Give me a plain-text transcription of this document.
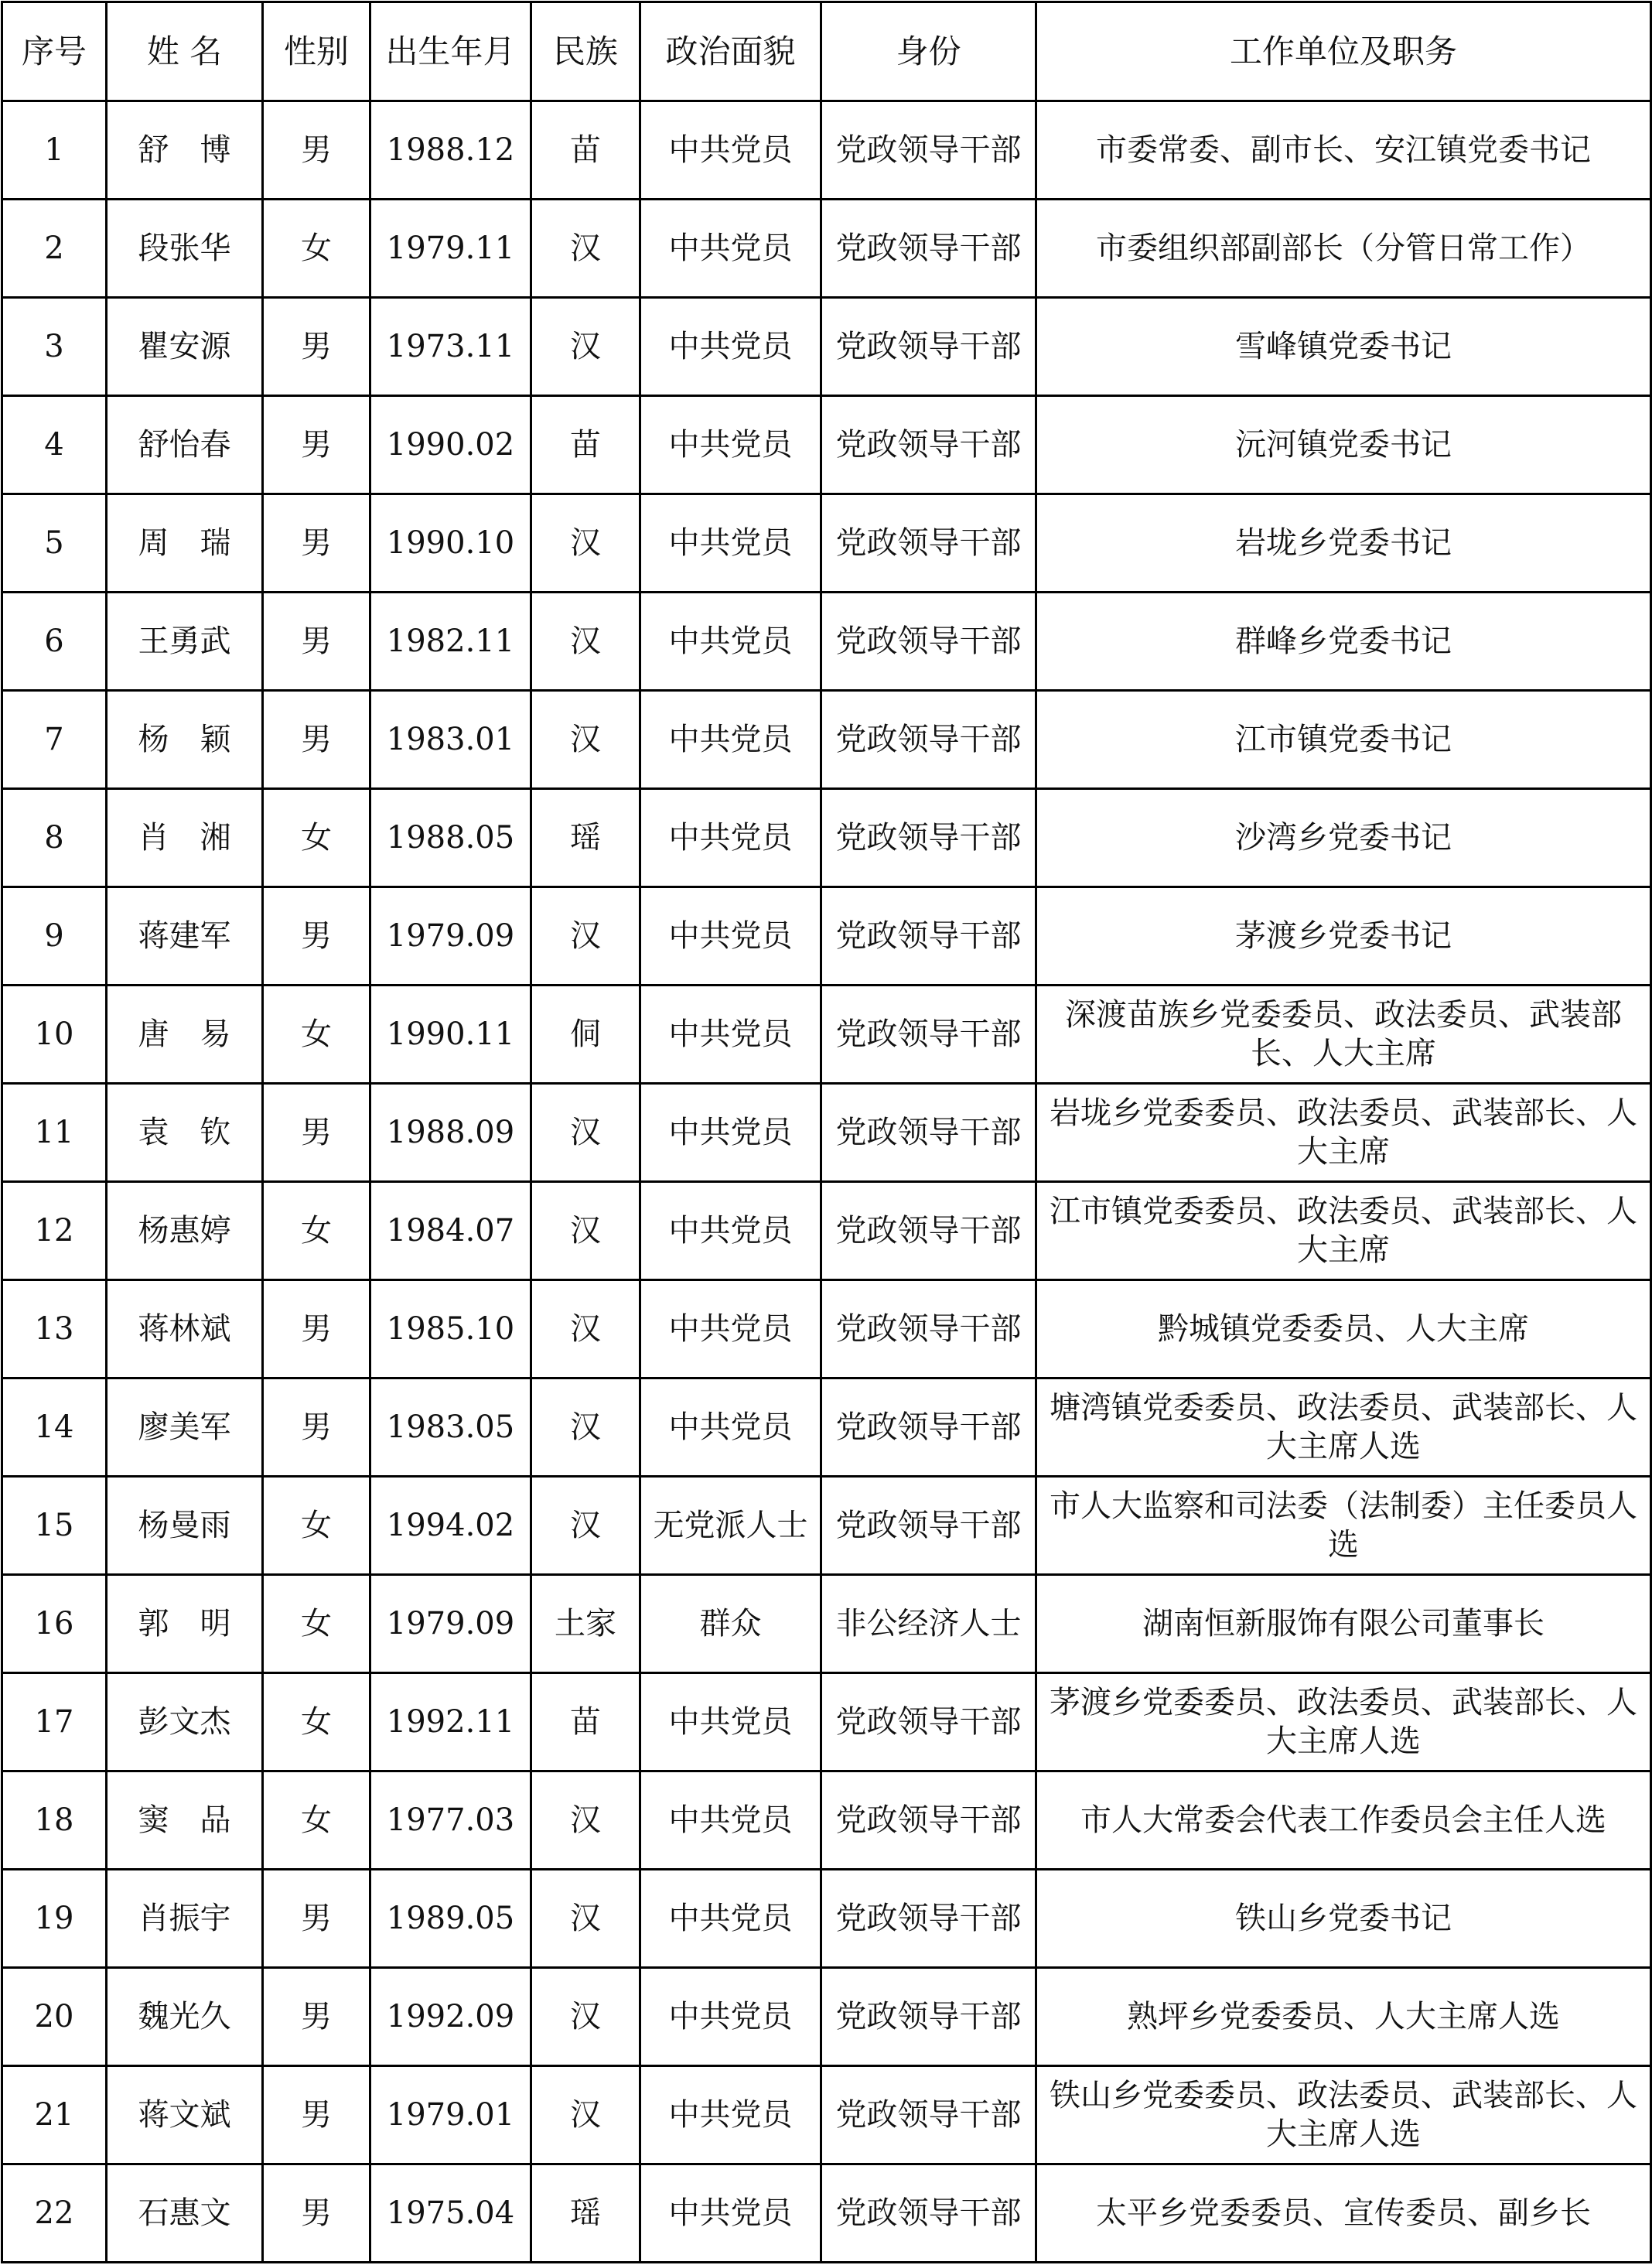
序号	姓 名	性别	出生年月	民族	政治面貌	身份	工作单位及职务
1	舒　博	男	1988.12	苗	中共党员	党政领导干部	市委常委、副市长、安江镇党委书记
2	段张华	女	1979.11	汉	中共党员	党政领导干部	市委组织部副部长（分管日常工作）
3	瞿安源	男	1973.11	汉	中共党员	党政领导干部	雪峰镇党委书记
4	舒怡春	男	1990.02	苗	中共党员	党政领导干部	沅河镇党委书记
5	周　瑞	男	1990.10	汉	中共党员	党政领导干部	岩垅乡党委书记
6	王勇武	男	1982.11	汉	中共党员	党政领导干部	群峰乡党委书记
7	杨　颖	男	1983.01	汉	中共党员	党政领导干部	江市镇党委书记
8	肖　湘	女	1988.05	瑶	中共党员	党政领导干部	沙湾乡党委书记
9	蒋建军	男	1979.09	汉	中共党员	党政领导干部	茅渡乡党委书记
10	唐　易	女	1990.11	侗	中共党员	党政领导干部	深渡苗族乡党委委员、政法委员、武装部长、人大主席
11	袁　钦	男	1988.09	汉	中共党员	党政领导干部	岩垅乡党委委员、政法委员、武装部长、人大主席
12	杨惠婷	女	1984.07	汉	中共党员	党政领导干部	江市镇党委委员、政法委员、武装部长、人大主席
13	蒋林斌	男	1985.10	汉	中共党员	党政领导干部	黔城镇党委委员、人大主席
14	廖美军	男	1983.05	汉	中共党员	党政领导干部	塘湾镇党委委员、政法委员、武装部长、人大主席人选
15	杨曼雨	女	1994.02	汉	无党派人士	党政领导干部	市人大监察和司法委（法制委）主任委员人选
16	郭　明	女	1979.09	土家	群众	非公经济人士	湖南恒新服饰有限公司董事长
17	彭文杰	女	1992.11	苗	中共党员	党政领导干部	茅渡乡党委委员、政法委员、武装部长、人大主席人选
18	窦　品	女	1977.03	汉	中共党员	党政领导干部	市人大常委会代表工作委员会主任人选
19	肖振宇	男	1989.05	汉	中共党员	党政领导干部	铁山乡党委书记
20	魏光久	男	1992.09	汉	中共党员	党政领导干部	熟坪乡党委委员、人大主席人选
21	蒋文斌	男	1979.01	汉	中共党员	党政领导干部	铁山乡党委委员、政法委员、武装部长、人大主席人选
22	石惠文	男	1975.04	瑶	中共党员	党政领导干部	太平乡党委委员、宣传委员、副乡长
